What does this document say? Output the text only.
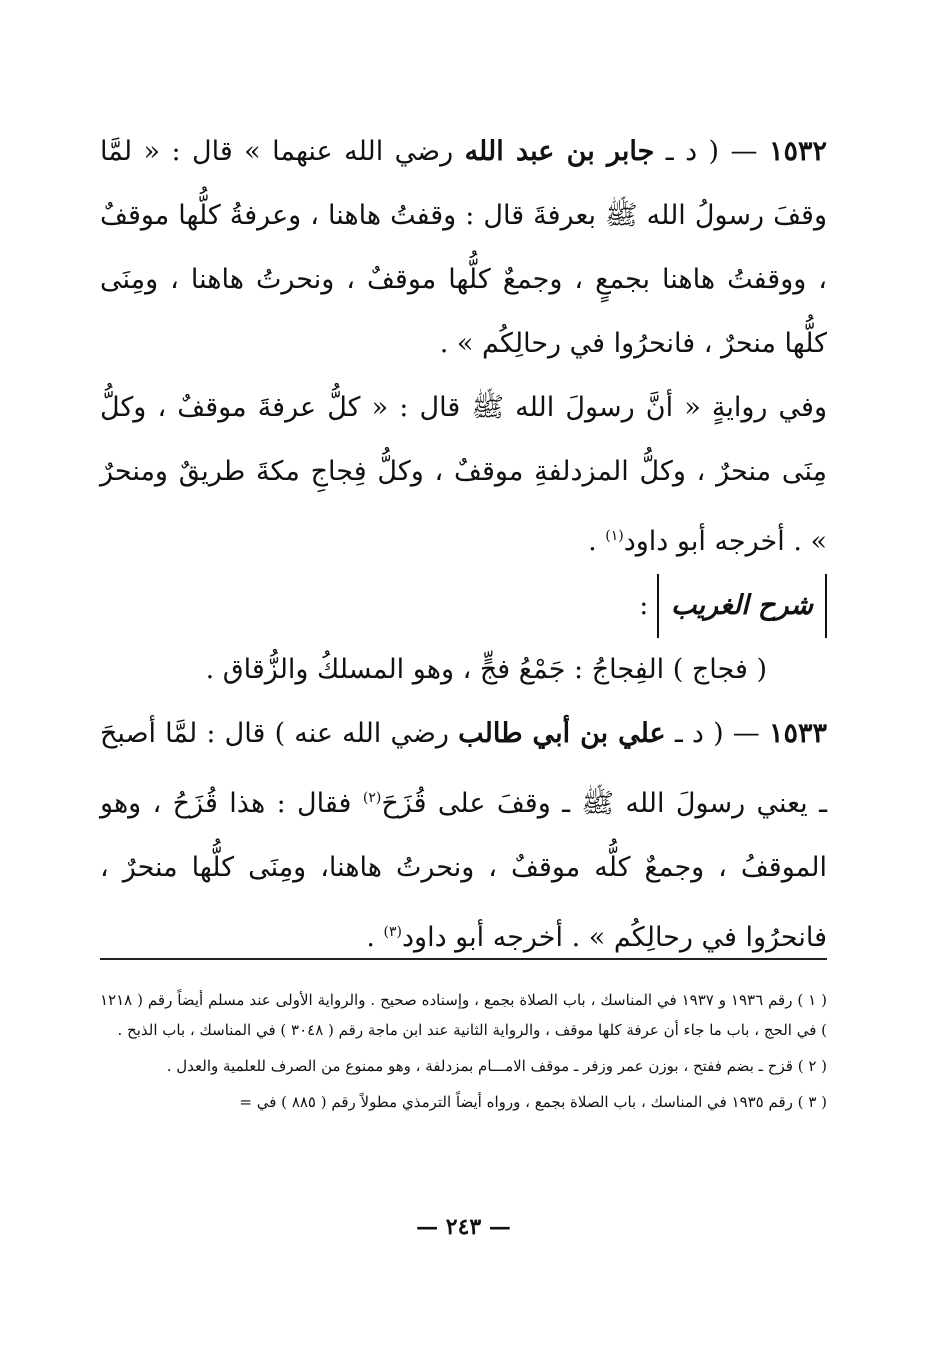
١٥٣٢ — ( د ـ جابر بن عبد الله رضي الله عنهما » قال : « لمَّا وقفَ رسولُ الله ﷺ بعرفةَ قال : وقفتُ هاهنا ، وعرفةُ كلُّها موقفٌ ، ووقفتُ هاهنا بجمعٍ ، وجمعٌ كلُّها موقفٌ ، ونحرتُ هاهنا ، ومِنَى كلُّها منحرٌ ، فانحرُوا في رحالِكُم » .

وفي روايةٍ « أنَّ رسولَ الله ﷺ قال : « كلُّ عرفةَ موقفٌ ، وكلُّ مِنَى منحرٌ ، وكلُّ المزدلفةِ موقفٌ ، وكلُّ فِجاجِ مكةَ طريقٌ ومنحرٌ » . أخرجه أبو داود$^{(١)}$ .

شرح الغريب :

( فجاج ) الفِجاجُ : جَمْعُ فجٍّ ، وهو المسلكُ والزُّقاق .

١٥٣٣ — ( د ـ علي بن أبي طالب رضي الله عنه ) قال : لمَّا أصبحَ ـ يعني رسولَ الله ﷺ ـ وقفَ على قُزَحَ$^{(٢)}$ فقال : هذا قُزَحُ ، وهو الموقفُ ، وجمعٌ كلُّه موقفٌ ، ونحرتُ هاهنا، ومِنَى كلُّها منحرٌ ، فانحرُوا في رحالِكُم » . أخرجه أبو داود$^{(٣)}$ .

( ١ ) رقم ١٩٣٦ و ١٩٣٧ في المناسك ، باب الصلاة بجمع ، وإسناده صحيح . والرواية الأولى عند مسلم أيضاً رقم ( ١٢١٨ ) في الحج ، باب ما جاء أن عرفة كلها موقف ، والرواية الثانية عند ابن ماجة رقم ( ٣٠٤٨ ) في المناسك ، باب الذبح .

( ٢ ) قزح ـ بضم ففتح ، بوزن عمر وزفر ـ موقف الامـــام بمزدلفة ، وهو ممنوع من الصرف للعلمية والعدل .

( ٣ ) رقم ١٩٣٥ في المناسك ، باب الصلاة بجمع ، ورواه أيضاً الترمذي مطولاً رقم ( ٨٨٥ ) في =

— ٢٤٣ —
